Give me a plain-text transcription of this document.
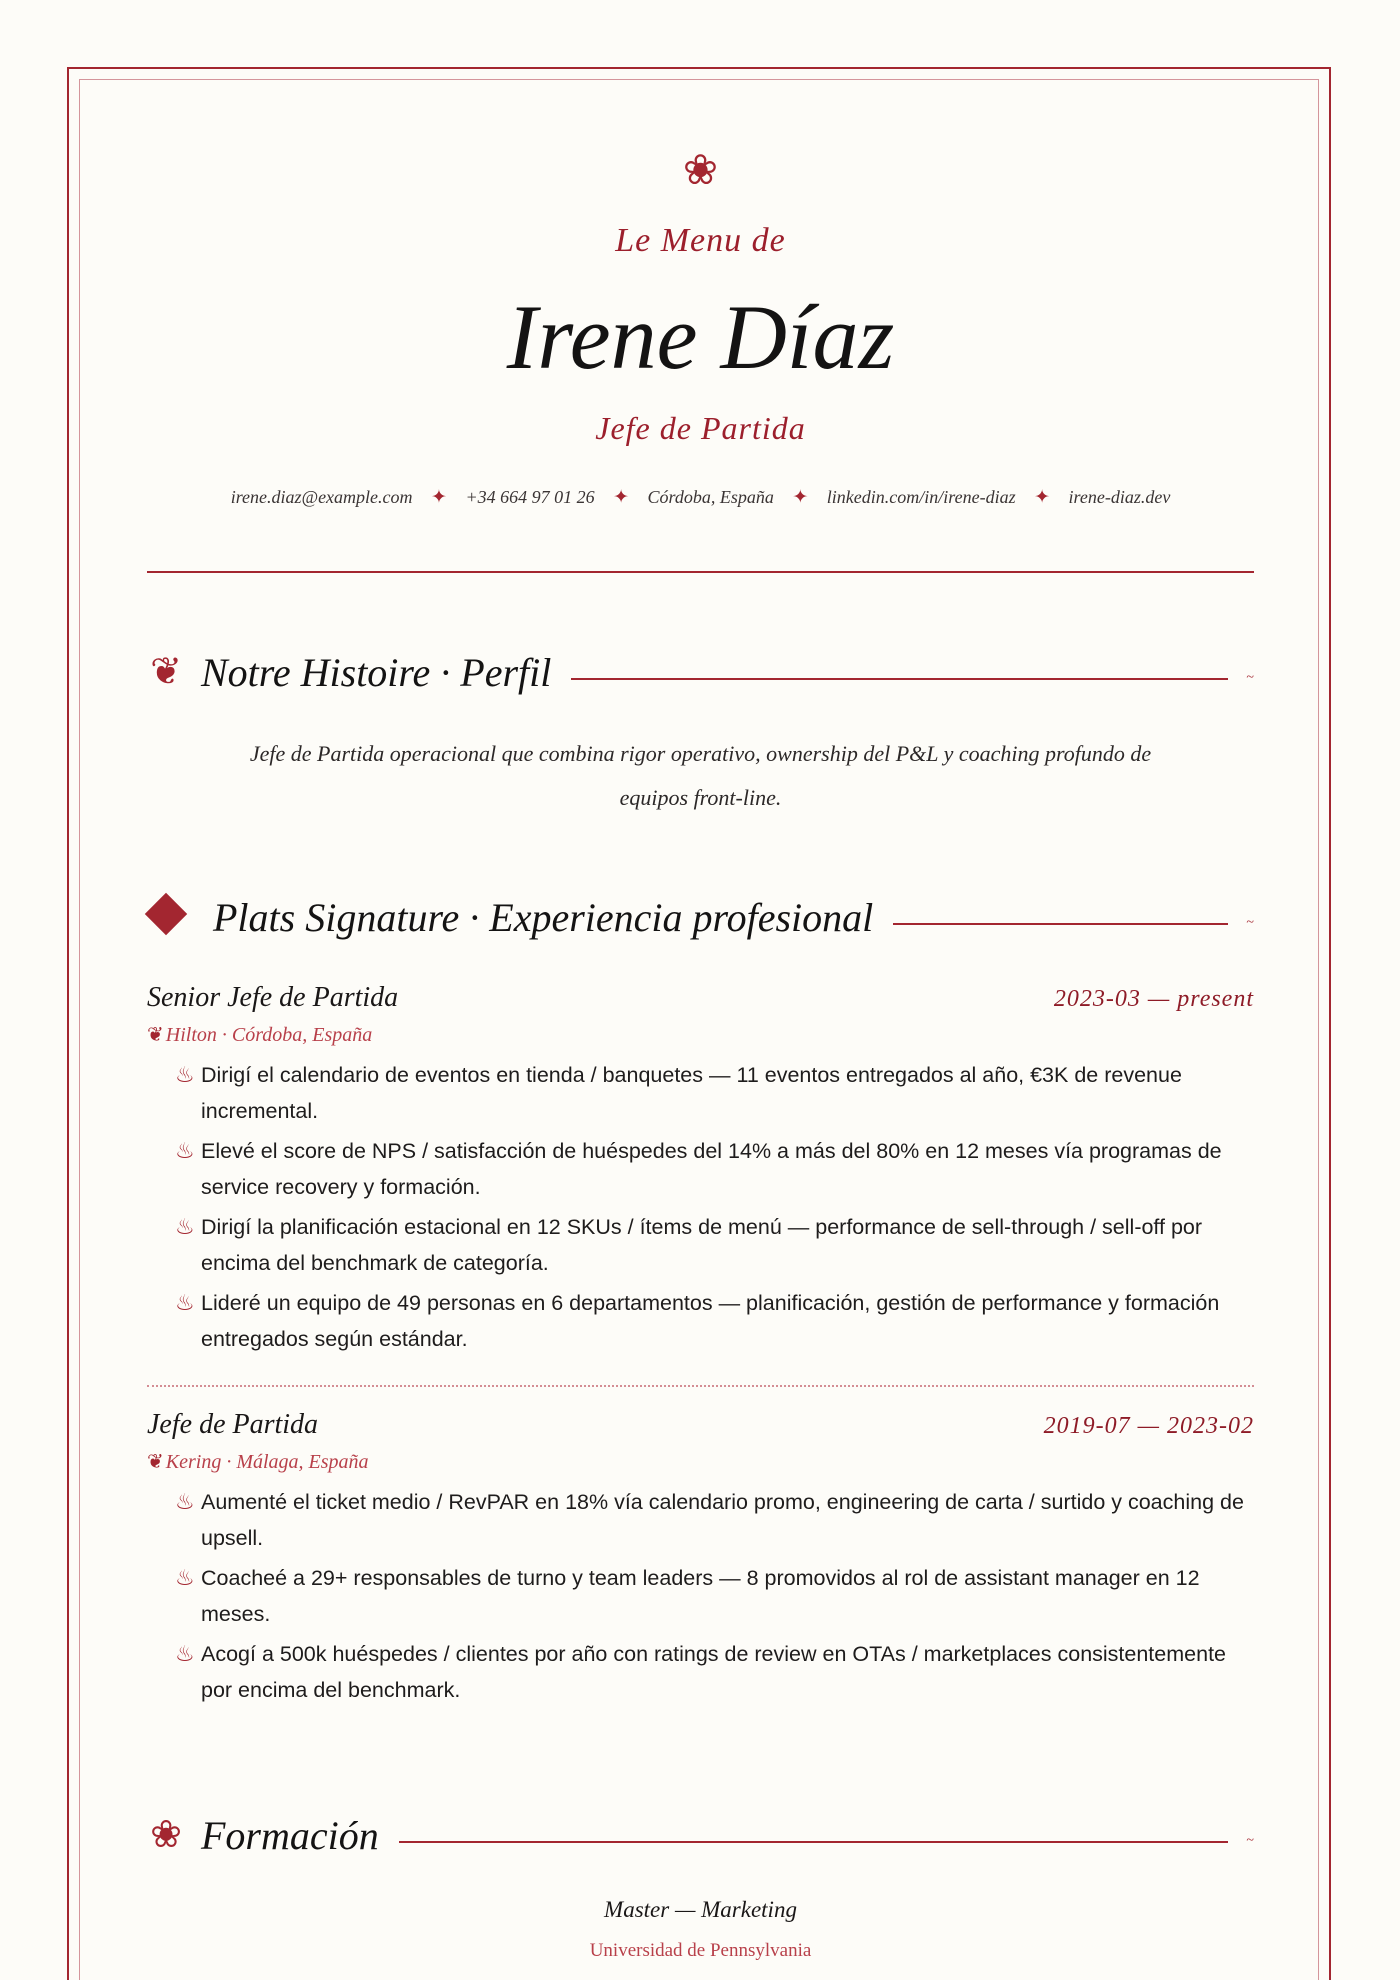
❀
Le Menu de
Irene Díaz
Jefe de Partida
irene.diaz@example.com ✦ +34 664 97 01 26 ✦ Córdoba, España ✦ linkedin.com/in/irene-diaz ✦ irene-diaz.dev
❦ Notre Histoire · Perfil	~
Jefe de Partida operacional que combina rigor operativo, ownership del P&L y coaching profundo de equipos front-line.
Plats Signature · Experiencia profesional	~
Senior Jefe de Partida	2023-03 — present
❦ Hilton · Córdoba, España
♨ Dirigí el calendario de eventos en tienda / banquetes — 11 eventos entregados al año, €3K de revenue incremental.
♨ Elevé el score de NPS / satisfacción de huéspedes del 14% a más del 80% en 12 meses vía programas de service recovery y formación.
♨ Dirigí la planificación estacional en 12 SKUs / ítems de menú — performance de sell-through / sell-off por encima del benchmark de categoría.
♨ Lideré un equipo de 49 personas en 6 departamentos — planificación, gestión de performance y formación entregados según estándar.
Jefe de Partida	2019-07 — 2023-02
❦ Kering · Málaga, España
♨ Aumenté el ticket medio / RevPAR en 18% vía calendario promo, engineering de carta / surtido y coaching de upsell.
♨ Coacheé a 29+ responsables de turno y team leaders — 8 promovidos al rol de assistant manager en 12 meses.
♨ Acogí a 500k huéspedes / clientes por año con ratings de review en OTAs / marketplaces consistentemente por encima del benchmark.
❀ Formación	~
Master — Marketing
Universidad de Pennsylvania
